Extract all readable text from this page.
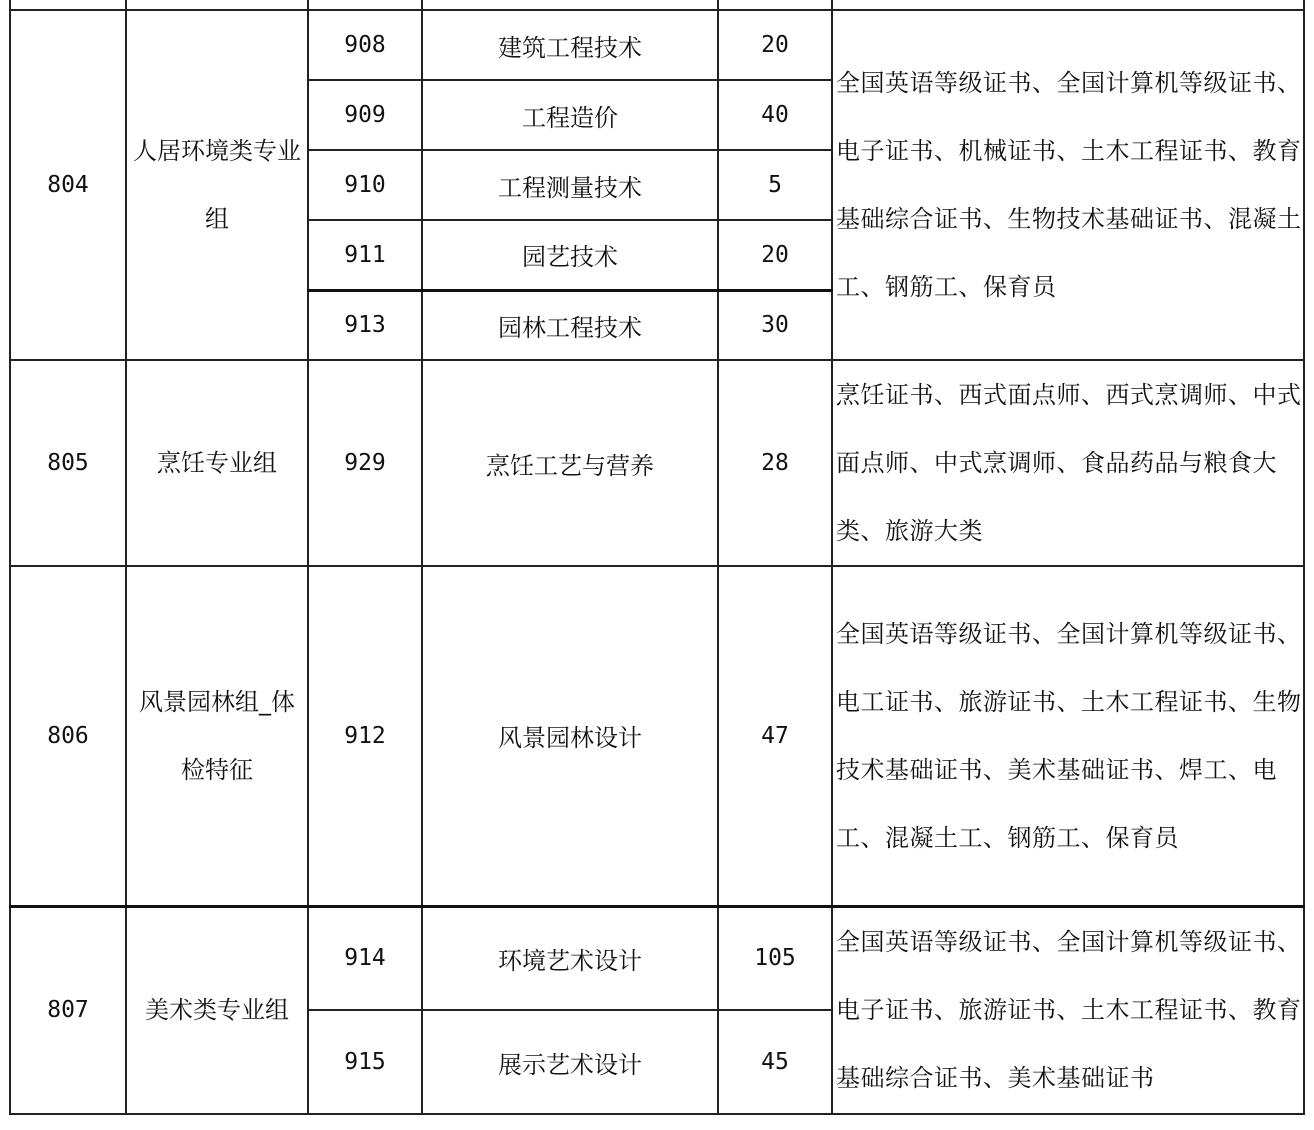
804	人居环境类专业组	908	建筑工程技术	20	全国英语等级证书、全国计算机等级证书、电子证书、机械证书、土木工程证书、教育基础综合证书、生物技术基础证书、混凝土工、钢筋工、保育员
		909	工程造价	40	
		910	工程测量技术	5	
		911	园艺技术	20	
		913	园林工程技术	30	
805	烹饪专业组	929	烹饪工艺与营养	28	烹饪证书、西式面点师、西式烹调师、中式面点师、中式烹调师、食品药品与粮食大类、旅游大类
806	风景园林组_体检特征	912	风景园林设计	47	全国英语等级证书、全国计算机等级证书、电工证书、旅游证书、土木工程证书、生物技术基础证书、美术基础证书、焊工、电工、混凝土工、钢筋工、保育员
807	美术类专业组	914	环境艺术设计	105	全国英语等级证书、全国计算机等级证书、电子证书、旅游证书、土木工程证书、教育基础综合证书、美术基础证书
		915	展示艺术设计	45	
